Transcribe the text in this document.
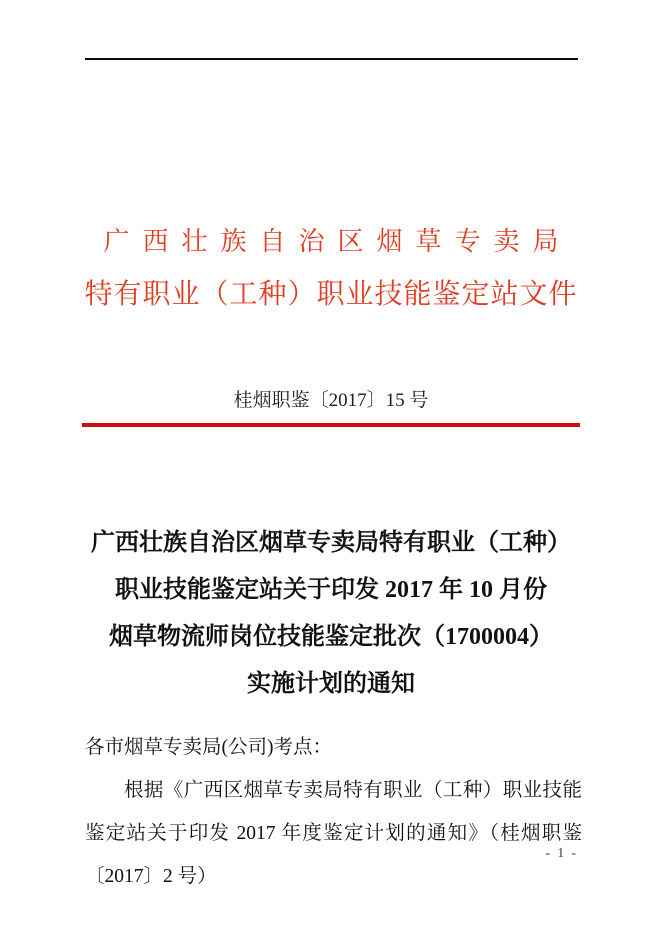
广西壮族自治区烟草专卖局
特有职业（工种）职业技能鉴定站文件
桂烟职鉴〔2017〕15 号
广西壮族自治区烟草专卖局特有职业（工种）
职业技能鉴定站关于印发 2017 年 10 月份
烟草物流师岗位技能鉴定批次（1700004）
实施计划的通知
各市烟草专卖局(公司)考点：
根据《广西区烟草专卖局特有职业（工种）职业技能鉴定站关于印发 2017 年度鉴定计划的通知》（桂烟职鉴〔2017〕2 号）
- 1 -
